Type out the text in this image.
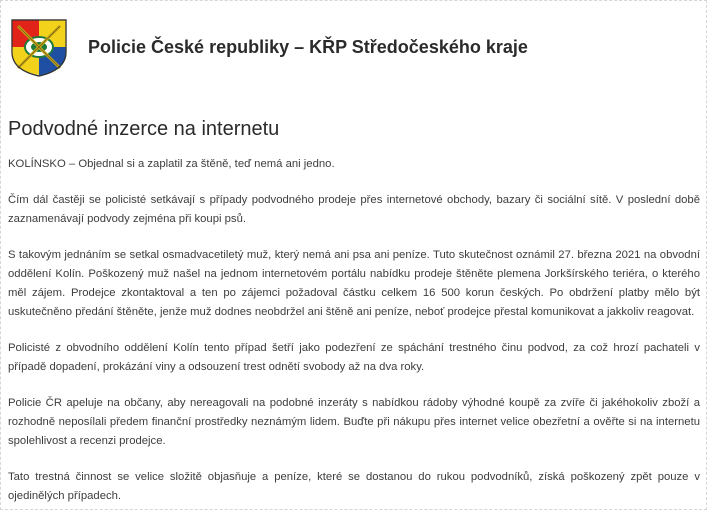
Policie České republiky – KŘP Středočeského kraje
Podvodné inzerce na internetu

KOLÍNSKO – Objednal si a zaplatil za štěně, teď nemá ani jedno.

Čím dál častěji se policisté setkávají s případy podvodného prodeje přes internetové obchody, bazary či sociální sítě. V poslední době zaznamenávají podvody zejména při koupi psů.

S takovým jednáním se setkal osmadvacetiletý muž, který nemá ani psa ani peníze. Tuto skutečnost oznámil 27. března 2021 na obvodní oddělení Kolín. Poškozený muž našel na jednom internetovém portálu nabídku prodeje štěněte plemena Jorkšírského teriéra, o kterého měl zájem. Prodejce zkontaktoval a ten po zájemci požadoval částku celkem 16 500 korun českých. Po obdržení platby mělo být uskutečněno předání štěněte, jenže muž dodnes neobdržel ani štěně ani peníze, neboť prodejce přestal komunikovat a jakkoliv reagovat.

Policisté z obvodního oddělení Kolín tento případ šetří jako podezření ze spáchání trestného činu podvod, za což hrozí pachateli v případě dopadení, prokázání viny a odsouzení trest odnětí svobody až na dva roky.

Policie ČR apeluje na občany, aby nereagovali na podobné inzeráty s nabídkou rádoby výhodné koupě za zvíře či jakéhokoliv zboží a rozhodně neposílali předem finanční prostředky neznámým lidem. Buďte při nákupu přes internet velice obezřetní a ověřte si na internetu spolehlivost a recenzi prodejce.

Tato trestná činnost se velice složitě objasňuje a peníze, které se dostanou do rukou podvodníků, získá poškozený zpět pouze v ojedinělých případech.
